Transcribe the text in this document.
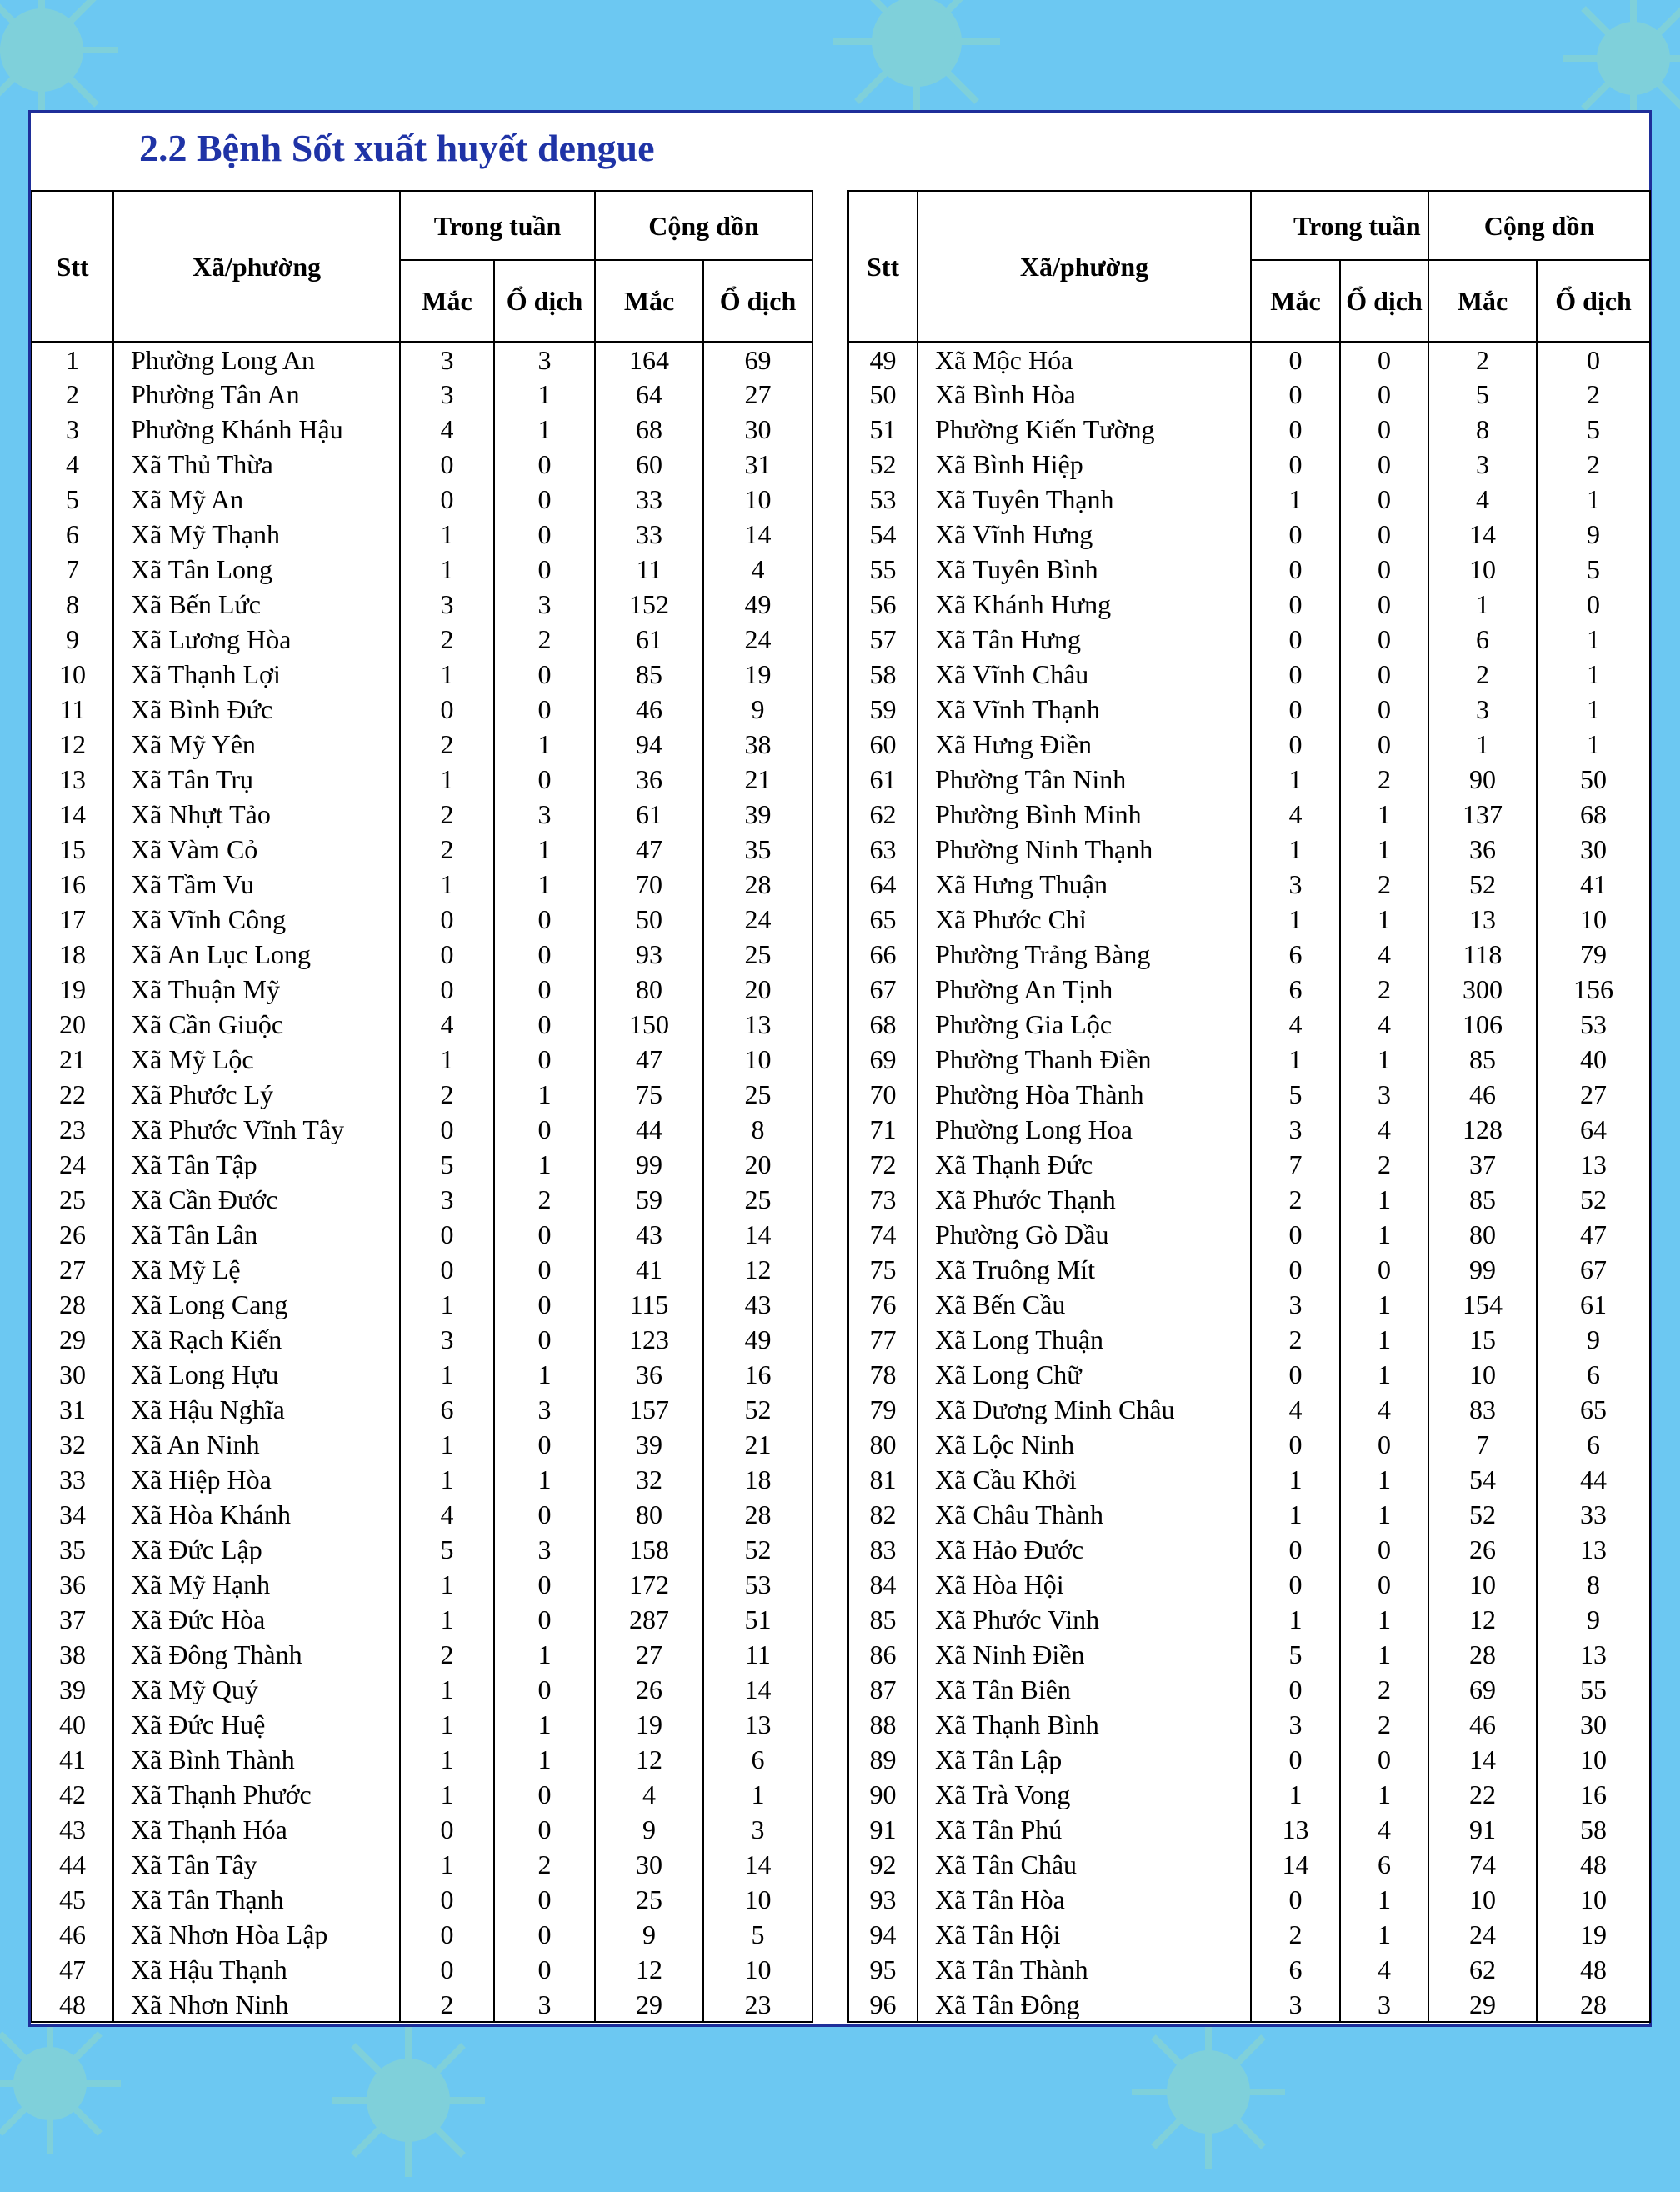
2.2 Bệnh Sốt xuất huyết dengue
Stt	Xã/phường	Trong tuần		Cộng dồn	
		Mắc	Ổ dịch	Mắc	Ổ dịch
1	Phường Long An	3	3	164	69
2	Phường Tân An	3	1	64	27
3	Phường Khánh Hậu	4	1	68	30
4	Xã Thủ Thừa	0	0	60	31
5	Xã Mỹ An	0	0	33	10
6	Xã Mỹ Thạnh	1	0	33	14
7	Xã Tân Long	1	0	11	4
8	Xã Bến Lức	3	3	152	49
9	Xã Lương Hòa	2	2	61	24
10	Xã Thạnh Lợi	1	0	85	19
11	Xã Bình Đức	0	0	46	9
12	Xã Mỹ Yên	2	1	94	38
13	Xã Tân Trụ	1	0	36	21
14	Xã Nhựt Tảo	2	3	61	39
15	Xã Vàm Cỏ	2	1	47	35
16	Xã Tầm Vu	1	1	70	28
17	Xã Vĩnh Công	0	0	50	24
18	Xã An Lục Long	0	0	93	25
19	Xã Thuận Mỹ	0	0	80	20
20	Xã Cần Giuộc	4	0	150	13
21	Xã Mỹ Lộc	1	0	47	10
22	Xã Phước Lý	2	1	75	25
23	Xã Phước Vĩnh Tây	0	0	44	8
24	Xã Tân Tập	5	1	99	20
25	Xã Cần Đước	3	2	59	25
26	Xã Tân Lân	0	0	43	14
27	Xã Mỹ Lệ	0	0	41	12
28	Xã Long Cang	1	0	115	43
29	Xã Rạch Kiến	3	0	123	49
30	Xã Long Hựu	1	1	36	16
31	Xã Hậu Nghĩa	6	3	157	52
32	Xã An Ninh	1	0	39	21
33	Xã Hiệp Hòa	1	1	32	18
34	Xã Hòa Khánh	4	0	80	28
35	Xã Đức Lập	5	3	158	52
36	Xã Mỹ Hạnh	1	0	172	53
37	Xã Đức Hòa	1	0	287	51
38	Xã Đông Thành	2	1	27	11
39	Xã Mỹ Quý	1	0	26	14
40	Xã Đức Huệ	1	1	19	13
41	Xã Bình Thành	1	1	12	6
42	Xã Thạnh Phước	1	0	4	1
43	Xã Thạnh Hóa	0	0	9	3
44	Xã Tân Tây	1	2	30	14
45	Xã Tân Thạnh	0	0	25	10
46	Xã Nhơn Hòa Lập	0	0	9	5
47	Xã Hậu Thạnh	0	0	12	10
48	Xã Nhơn Ninh	2	3	29	23
Stt	Xã/phường	Trong tuần		Cộng dồn	
		Mắc	Ổ dịch	Mắc	Ổ dịch
49	Xã Mộc Hóa	0	0	2	0
50	Xã Bình Hòa	0	0	5	2
51	Phường Kiến Tường	0	0	8	5
52	Xã Bình Hiệp	0	0	3	2
53	Xã Tuyên Thạnh	1	0	4	1
54	Xã Vĩnh Hưng	0	0	14	9
55	Xã Tuyên Bình	0	0	10	5
56	Xã Khánh Hưng	0	0	1	0
57	Xã Tân Hưng	0	0	6	1
58	Xã Vĩnh Châu	0	0	2	1
59	Xã Vĩnh Thạnh	0	0	3	1
60	Xã Hưng Điền	0	0	1	1
61	Phường Tân Ninh	1	2	90	50
62	Phường Bình Minh	4	1	137	68
63	Phường Ninh Thạnh	1	1	36	30
64	Xã Hưng Thuận	3	2	52	41
65	Xã Phước Chỉ	1	1	13	10
66	Phường Trảng Bàng	6	4	118	79
67	Phường An Tịnh	6	2	300	156
68	Phường Gia Lộc	4	4	106	53
69	Phường Thanh Điền	1	1	85	40
70	Phường Hòa Thành	5	3	46	27
71	Phường Long Hoa	3	4	128	64
72	Xã Thạnh Đức	7	2	37	13
73	Xã Phước Thạnh	2	1	85	52
74	Phường Gò Dầu	0	1	80	47
75	Xã Truông Mít	0	0	99	67
76	Xã Bến Cầu	3	1	154	61
77	Xã Long Thuận	2	1	15	9
78	Xã Long Chữ	0	1	10	6
79	Xã Dương Minh Châu	4	4	83	65
80	Xã Lộc Ninh	0	0	7	6
81	Xã Cầu Khởi	1	1	54	44
82	Xã Châu Thành	1	1	52	33
83	Xã Hảo Đước	0	0	26	13
84	Xã Hòa Hội	0	0	10	8
85	Xã Phước Vinh	1	1	12	9
86	Xã Ninh Điền	5	1	28	13
87	Xã Tân Biên	0	2	69	55
88	Xã Thạnh Bình	3	2	46	30
89	Xã Tân Lập	0	0	14	10
90	Xã Trà Vong	1	1	22	16
91	Xã Tân Phú	13	4	91	58
92	Xã Tân Châu	14	6	74	48
93	Xã Tân Hòa	0	1	10	10
94	Xã Tân Hội	2	1	24	19
95	Xã Tân Thành	6	4	62	48
96	Xã Tân Đông	3	3	29	28
